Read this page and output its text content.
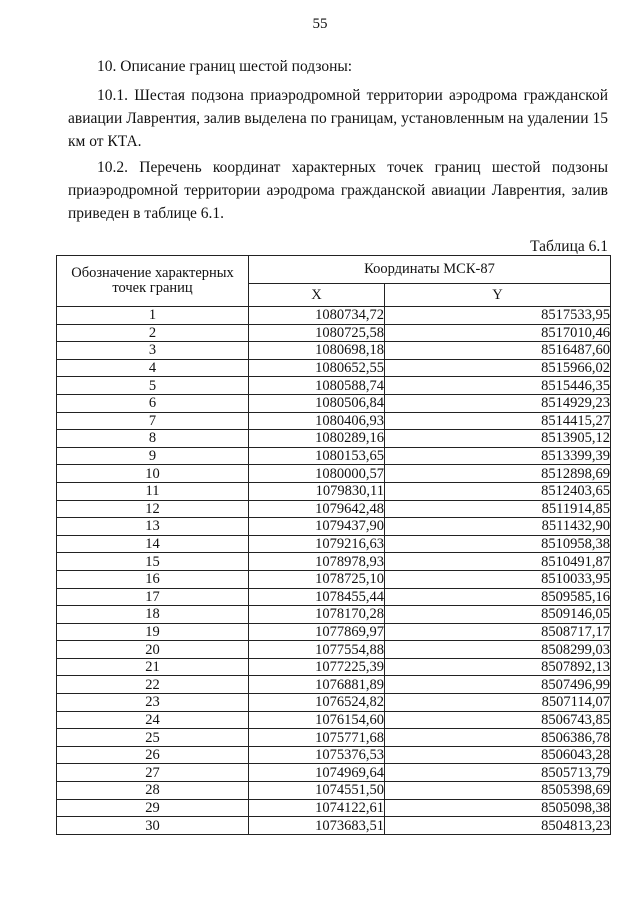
55

10. Описание границ шестой подзоны:

10.1. Шестая подзона приаэродромной территории аэродрома гражданской авиации Лаврентия, залив выделена по границам, установленным на удалении 15 км от КТА.

10.2. Перечень координат характерных точек границ шестой подзоны приаэродромной территории аэродрома гражданской авиации Лаврентия, залив приведен в таблице 6.1.

Таблица 6.1
Обозначение характерных точек границ	Координаты МСК-87	
	X	Y
1	1080734,72	8517533,95
2	1080725,58	8517010,46
3	1080698,18	8516487,60
4	1080652,55	8515966,02
5	1080588,74	8515446,35
6	1080506,84	8514929,23
7	1080406,93	8514415,27
8	1080289,16	8513905,12
9	1080153,65	8513399,39
10	1080000,57	8512898,69
11	1079830,11	8512403,65
12	1079642,48	8511914,85
13	1079437,90	8511432,90
14	1079216,63	8510958,38
15	1078978,93	8510491,87
16	1078725,10	8510033,95
17	1078455,44	8509585,16
18	1078170,28	8509146,05
19	1077869,97	8508717,17
20	1077554,88	8508299,03
21	1077225,39	8507892,13
22	1076881,89	8507496,99
23	1076524,82	8507114,07
24	1076154,60	8506743,85
25	1075771,68	8506386,78
26	1075376,53	8506043,28
27	1074969,64	8505713,79
28	1074551,50	8505398,69
29	1074122,61	8505098,38
30	1073683,51	8504813,23
